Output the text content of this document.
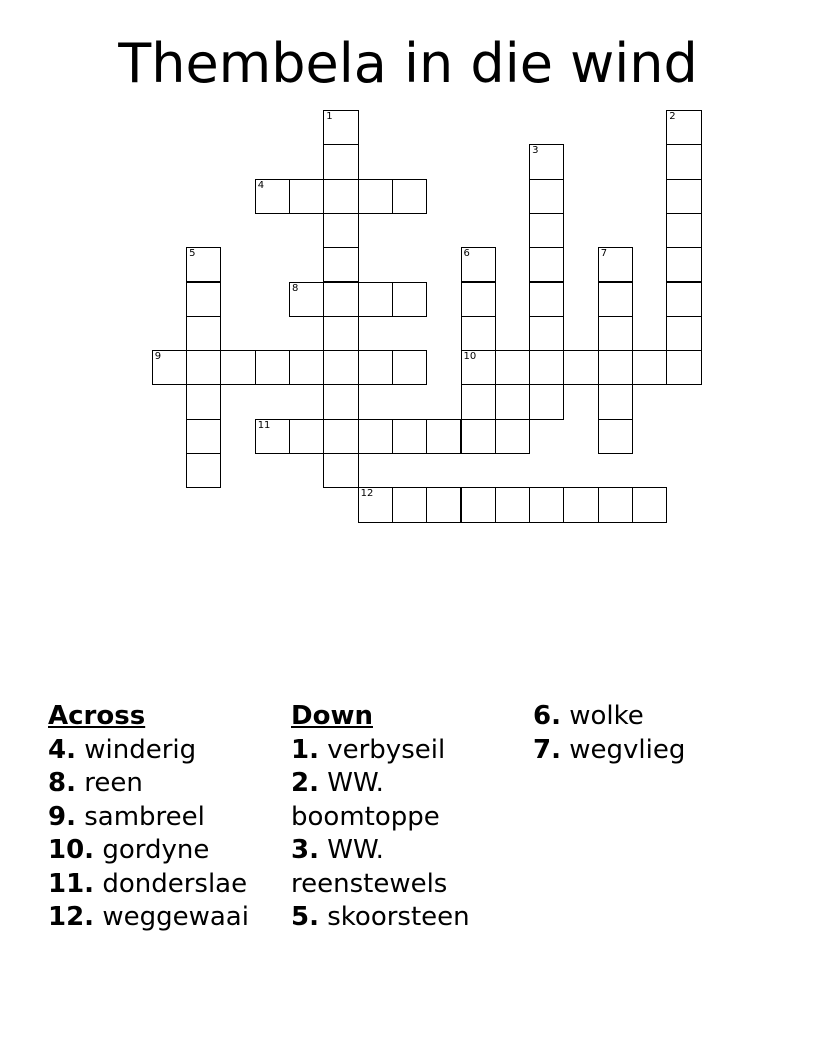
Thembela in die wind
1	2
3
4
5	6	7
8
9	10
11
12
Across
4. winderig
8. reen
9. sambreel
10. gordyne
11. donderslae
12. weggewaai
Down
1. verbyseil
2. WW. boomtoppe
3. WW. reenstewels
5. skoorsteen
6. wolke
7. wegvlieg
